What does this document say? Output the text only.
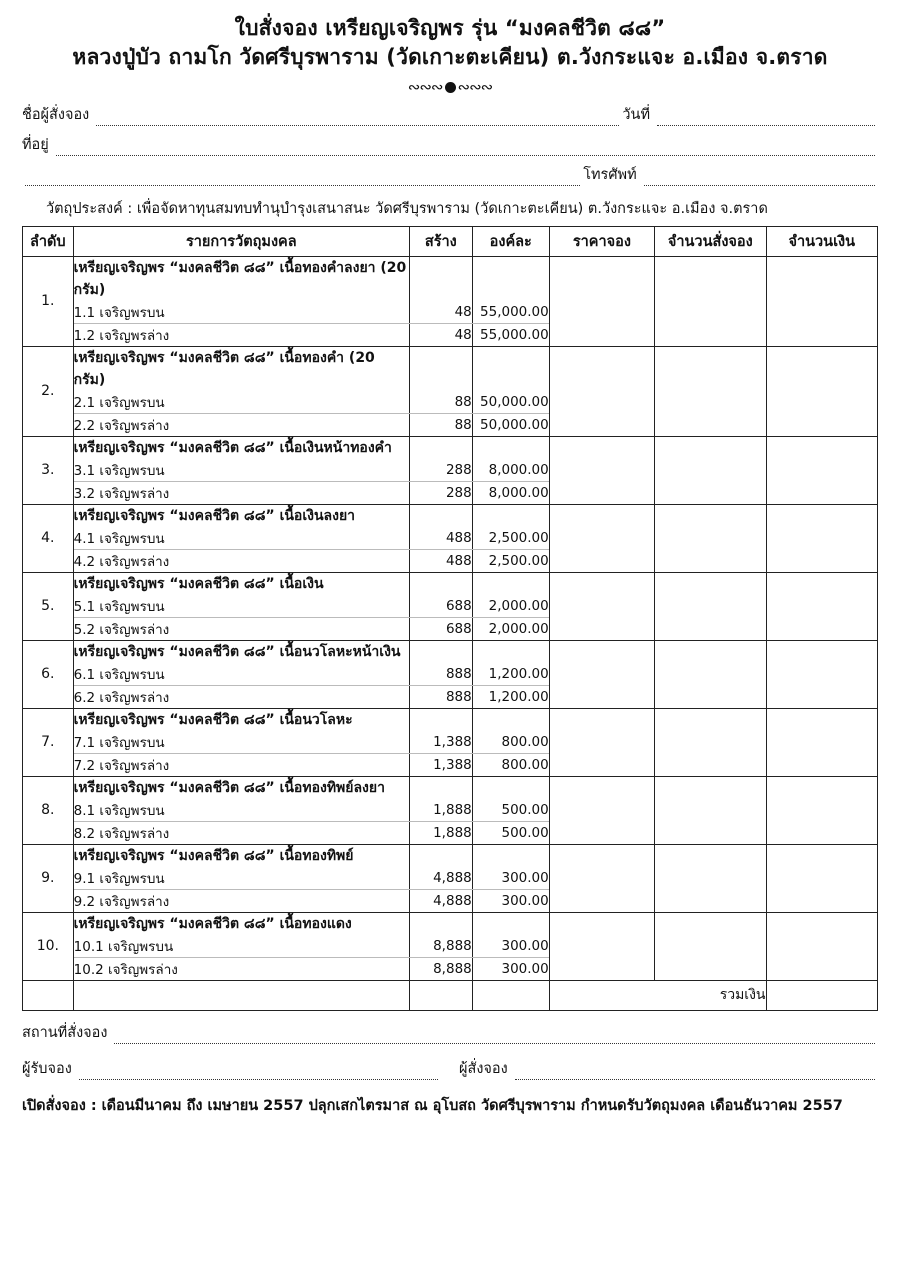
ใบสั่งจอง เหรียญเจริญพร รุ่น “มงคลชีวิต ๘๘”
หลวงปู่บัว ถามโก วัดศรีบุรพาราม (วัดเกาะตะเคียน) ต.วังกระแจะ อ.เมือง จ.ตราด
∾∾∾ ∾∾∾
ชื่อผู้สั่งจอง	วันที่
ที่อยู่
โทรศัพท์
วัตถุประสงค์ : เพื่อจัดหาทุนสมทบทำนุบำรุงเสนาสนะ วัดศรีบุรพาราม (วัดเกาะตะเคียน) ต.วังกระแจะ อ.เมือง จ.ตราด
ลำดับ	รายการวัตถุมงคล	สร้าง	องค์ละ	ราคาจอง	จำนวนสั่งจอง	จำนวนเงิน
1.	เหรียญเจริญพร “มงคลชีวิต ๘๘” เนื้อทองคำลงยา (20 กรัม)					
	1.1 เจริญพรบน	48	55,000.00			
	1.2 เจริญพรล่าง	48	55,000.00			
2.	เหรียญเจริญพร “มงคลชีวิต ๘๘” เนื้อทองคำ (20 กรัม)					
	2.1 เจริญพรบน	88	50,000.00			
	2.2 เจริญพรล่าง	88	50,000.00			
3.	เหรียญเจริญพร “มงคลชีวิต ๘๘” เนื้อเงินหน้าทองคำ					
	3.1 เจริญพรบน	288	8,000.00			
	3.2 เจริญพรล่าง	288	8,000.00			
4.	เหรียญเจริญพร “มงคลชีวิต ๘๘” เนื้อเงินลงยา					
	4.1 เจริญพรบน	488	2,500.00			
	4.2 เจริญพรล่าง	488	2,500.00			
5.	เหรียญเจริญพร “มงคลชีวิต ๘๘” เนื้อเงิน					
	5.1 เจริญพรบน	688	2,000.00			
	5.2 เจริญพรล่าง	688	2,000.00			
6.	เหรียญเจริญพร “มงคลชีวิต ๘๘” เนื้อนวโลหะหน้าเงิน					
	6.1 เจริญพรบน	888	1,200.00			
	6.2 เจริญพรล่าง	888	1,200.00			
7.	เหรียญเจริญพร “มงคลชีวิต ๘๘” เนื้อนวโลหะ					
	7.1 เจริญพรบน	1,388	800.00			
	7.2 เจริญพรล่าง	1,388	800.00			
8.	เหรียญเจริญพร “มงคลชีวิต ๘๘” เนื้อทองทิพย์ลงยา					
	8.1 เจริญพรบน	1,888	500.00			
	8.2 เจริญพรล่าง	1,888	500.00			
9.	เหรียญเจริญพร “มงคลชีวิต ๘๘” เนื้อทองทิพย์					
	9.1 เจริญพรบน	4,888	300.00			
	9.2 เจริญพรล่าง	4,888	300.00			
10.	เหรียญเจริญพร “มงคลชีวิต ๘๘” เนื้อทองแดง					
	10.1 เจริญพรบน	8,888	300.00			
	10.2 เจริญพรล่าง	8,888	300.00			
				รวมเงิน		
สถานที่สั่งจอง
ผู้รับจอง	ผู้สั่งจอง
เปิดสั่งจอง : เดือนมีนาคม ถึง เมษายน 2557 ปลุกเสกไตรมาส ณ อุโบสถ วัดศรีบุรพาราม กำหนดรับวัตถุมงคล เดือนธันวาคม 2557
